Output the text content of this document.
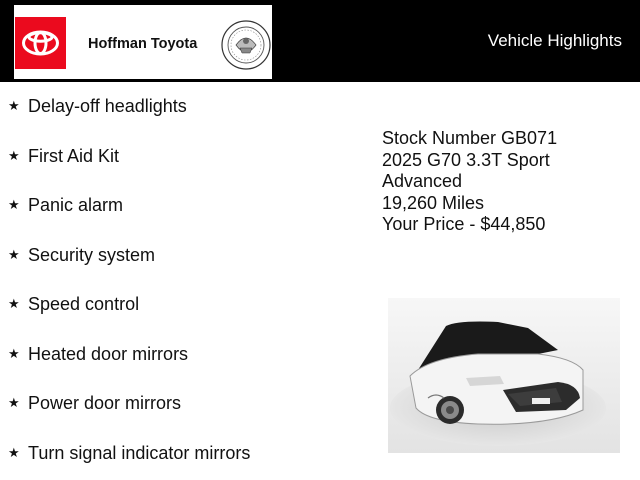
Hoffman Toyota	Vehicle Highlights
★ Delay-off headlights
★ First Aid Kit
★ Panic alarm
★ Security system
★ Speed control
★ Heated door mirrors
★ Power door mirrors
★ Turn signal indicator mirrors
Stock Number GB071
2025 G70 3.3T Sport
Advanced
19,260 Miles
Your Price - $44,850
